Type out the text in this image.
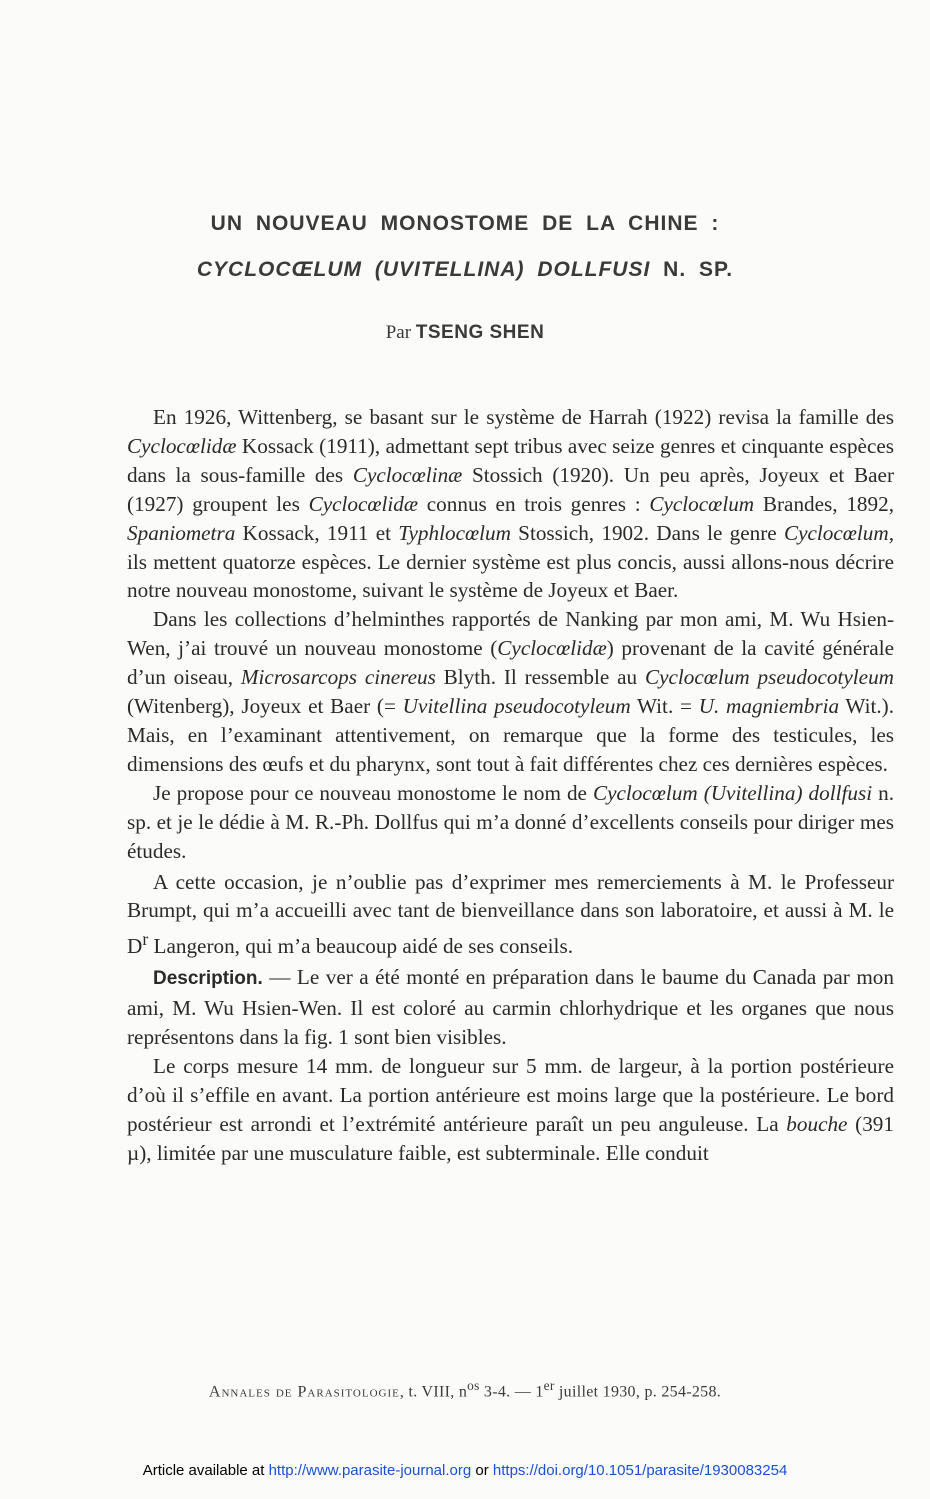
UN NOUVEAU MONOSTOME DE LA CHINE :
CYCLOCŒLUM (UVITELLINA) DOLLFUSI N. SP.
Par TSENG SHEN

En 1926, Wittenberg, se basant sur le système de Harrah (1922) revisa la famille des Cyclocœlidæ Kossack (1911), admettant sept tribus avec seize genres et cinquante espèces dans la sous-famille des Cyclocœlinæ Stossich (1920). Un peu après, Joyeux et Baer (1927) groupent les Cyclocœlidæ connus en trois genres : Cyclocœlum Brandes, 1892, Spaniometra Kossack, 1911 et Typhlocœlum Stossich, 1902. Dans le genre Cyclocœlum, ils mettent quatorze espèces. Le dernier système est plus concis, aussi allons-nous décrire notre nouveau monostome, suivant le système de Joyeux et Baer.

Dans les collections d’helminthes rapportés de Nanking par mon ami, M. Wu Hsien-Wen, j’ai trouvé un nouveau monostome (Cyclocœlidæ) provenant de la cavité générale d’un oiseau, Microsarcops cinereus Blyth. Il ressemble au Cyclocœlum pseudocotyleum (Witenberg), Joyeux et Baer (= Uvitellina pseudocotyleum Wit. = U. magniembria Wit.). Mais, en l’examinant attentivement, on remarque que la forme des testicules, les dimensions des œufs et du pharynx, sont tout à fait différentes chez ces dernières espèces.

Je propose pour ce nouveau monostome le nom de Cyclocœlum (Uvitellina) dollfusi n. sp. et je le dédie à M. R.-Ph. Dollfus qui m’a donné d’excellents conseils pour diriger mes études.

A cette occasion, je n’oublie pas d’exprimer mes remerciements à M. le Professeur Brumpt, qui m’a accueilli avec tant de bienveillance dans son laboratoire, et aussi à M. le $D^r$ Langeron, qui m’a beaucoup aidé de ses conseils.

Description. — Le ver a été monté en préparation dans le baume du Canada par mon ami, M. Wu Hsien-Wen. Il est coloré au carmin chlorhydrique et les organes que nous représentons dans la fig. 1 sont bien visibles.

Le corps mesure 14 mm. de longueur sur 5 mm. de largeur, à la portion postérieure d’où il s’effile en avant. La portion antérieure est moins large que la postérieure. Le bord postérieur est arrondi et l’extrémité antérieure paraît un peu anguleuse. La bouche (391 µ), limitée par une musculature faible, est subterminale. Elle conduit

Annales de Parasitologie, t. VIII, $n^{os}$ 3-4. — 1er juillet 1930, p. 254-258.
Article available at http://www.parasite-journal.org or https://doi.org/10.1051/parasite/1930083254
